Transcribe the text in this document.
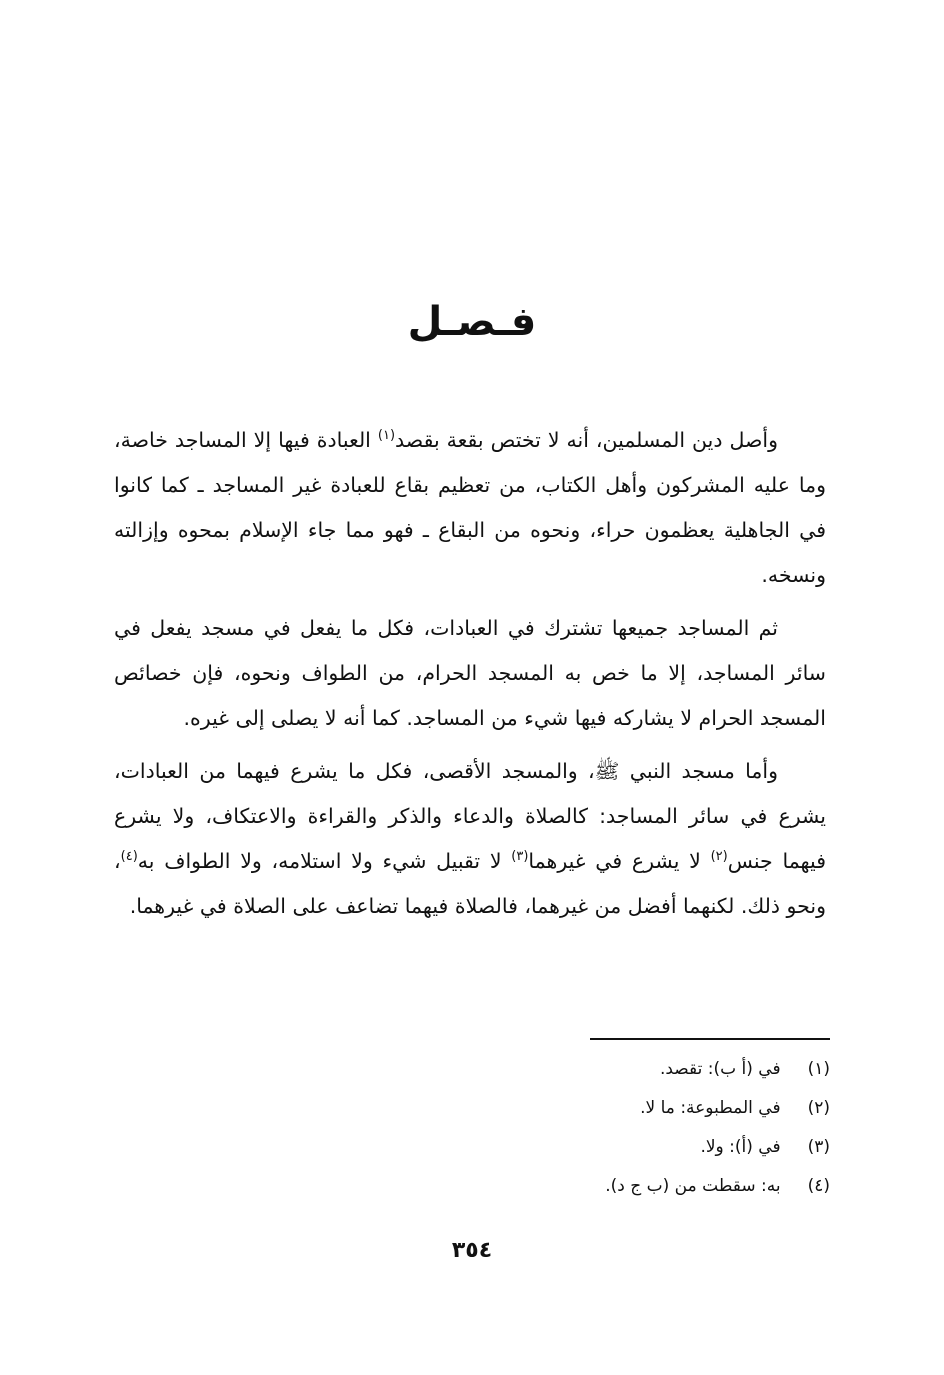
فـصـل

وأصل دين المسلمين، أنه لا تختص بقعة بقصد$^{(١)}$ العبادة فيها إلا المساجد خاصة، وما عليه المشركون وأهل الكتاب، من تعظيم بقاع للعبادة غير المساجد ـ كما كانوا في الجاهلية يعظمون حراء، ونحوه من البقاع ـ فهو مما جاء الإسلام بمحوه وإزالته ونسخه.

ثم المساجد جميعها تشترك في العبادات، فكل ما يفعل في مسجد يفعل في سائر المساجد، إلا ما خص به المسجد الحرام، من الطواف ونحوه، فإن خصائص المسجد الحرام لا يشاركه فيها شيء من المساجد. كما أنه لا يصلى إلى غيره.

وأما مسجد النبي ﷺ، والمسجد الأقصى، فكل ما يشرع فيهما من العبادات، يشرع في سائر المساجد: كالصلاة والدعاء والذكر والقراءة والاعتكاف، ولا يشرع فيهما جنس$^{(٢)}$ لا يشرع في غيرهما$^{(٣)}$ لا تقبيل شيء ولا استلامه، ولا الطواف به$^{(٤)}$، ونحو ذلك. لكنهما أفضل من غيرهما، فالصلاة فيهما تضاعف على الصلاة في غيرهما.

(١) في (أ ب): تقصد.
(٢) في المطبوعة: ما لا.
(٣) في (أ): ولا.
(٤) به: سقطت من (ب ج د).
٣٥٤
